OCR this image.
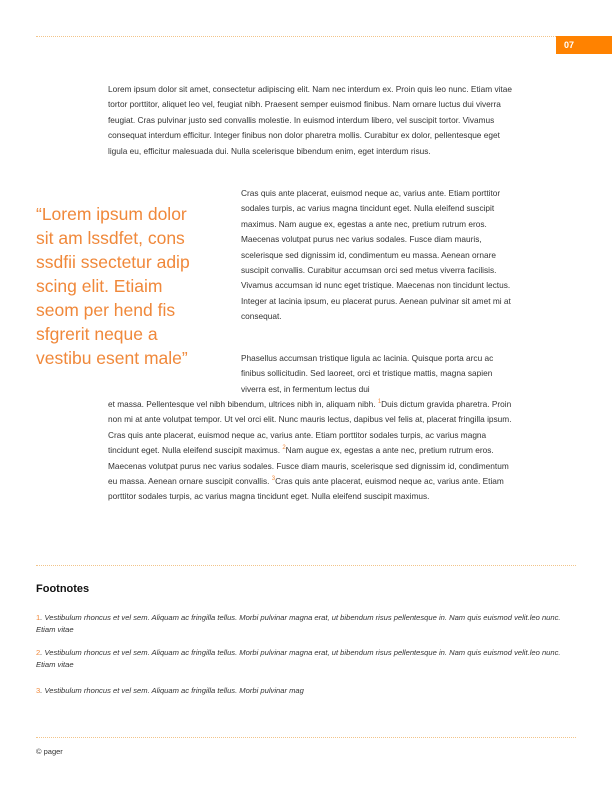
07
Lorem ipsum dolor sit amet, consectetur adipiscing elit. Nam nec interdum ex. Proin quis leo nunc. Etiam vitae tortor porttitor, aliquet leo vel, feugiat nibh. Praesent semper euismod finibus. Nam ornare luctus dui viverra feugiat. Cras pulvinar justo sed convallis molestie. In euismod interdum libero, vel suscipit tortor. Vivamus consequat interdum efficitur. Integer finibus non dolor pharetra mollis. Curabitur ex dolor, pellentesque eget ligula eu, efficitur malesuada dui. Nulla scelerisque bibendum enim, eget interdum risus.
“Lorem ipsum dolor
sit am lssdfet, cons
ssdfii ssectetur adip
scing elit. Etiaim
seom per hend fis
sfgrerit neque a
vestibu esent male”
Cras quis ante placerat, euismod neque ac, varius ante. Etiam porttitor sodales turpis, ac varius magna tincidunt eget. Nulla eleifend suscipit maximus. Nam augue ex, egestas a ante nec, pretium rutrum eros. Maecenas volutpat purus nec varius sodales. Fusce diam mauris, scelerisque sed dignissim id, condimentum eu massa. Aenean ornare suscipit convallis. Curabitur accumsan orci sed metus viverra facilisis. Vivamus accumsan id nunc eget tristique. Maecenas non tincidunt lectus. Integer at lacinia ipsum, eu placerat purus. Aenean pulvinar sit amet mi at consequat.
Phasellus accumsan tristique ligula ac lacinia. Quisque porta arcu ac finibus sollicitudin. Sed laoreet, orci et tristique mattis, magna sapien viverra est, in fermentum lectus dui
et massa. Pellentesque vel nibh bibendum, ultrices nibh in, aliquam nibh. $^1$Duis dictum gravida pharetra. Proin non mi at ante volutpat tempor. Ut vel orci elit. Nunc mauris lectus, dapibus vel felis at, placerat fringilla ipsum. Cras quis ante placerat, euismod neque ac, varius ante. Etiam porttitor sodales turpis, ac varius magna tincidunt eget. Nulla eleifend suscipit maximus. $^2$Nam augue ex, egestas a ante nec, pretium rutrum eros. Maecenas volutpat purus nec varius sodales. Fusce diam mauris, scelerisque sed dignissim id, condimentum eu massa. Aenean ornare suscipit convallis. $^3$Cras quis ante placerat, euismod neque ac, varius ante. Etiam porttitor sodales turpis, ac varius magna tincidunt eget. Nulla eleifend suscipit maximus.
Footnotes
1. Vestibulum rhoncus et vel sem. Aliquam ac fringilla tellus. Morbi pulvinar magna erat, ut bibendum risus pellentesque in. Nam quis euismod velit.leo nunc. Etiam vitae
2. Vestibulum rhoncus et vel sem. Aliquam ac fringilla tellus. Morbi pulvinar magna erat, ut bibendum risus pellentesque in. Nam quis euismod velit.leo nunc. Etiam vitae
3. Vestibulum rhoncus et vel sem. Aliquam ac fringilla tellus. Morbi pulvinar mag
© pager
